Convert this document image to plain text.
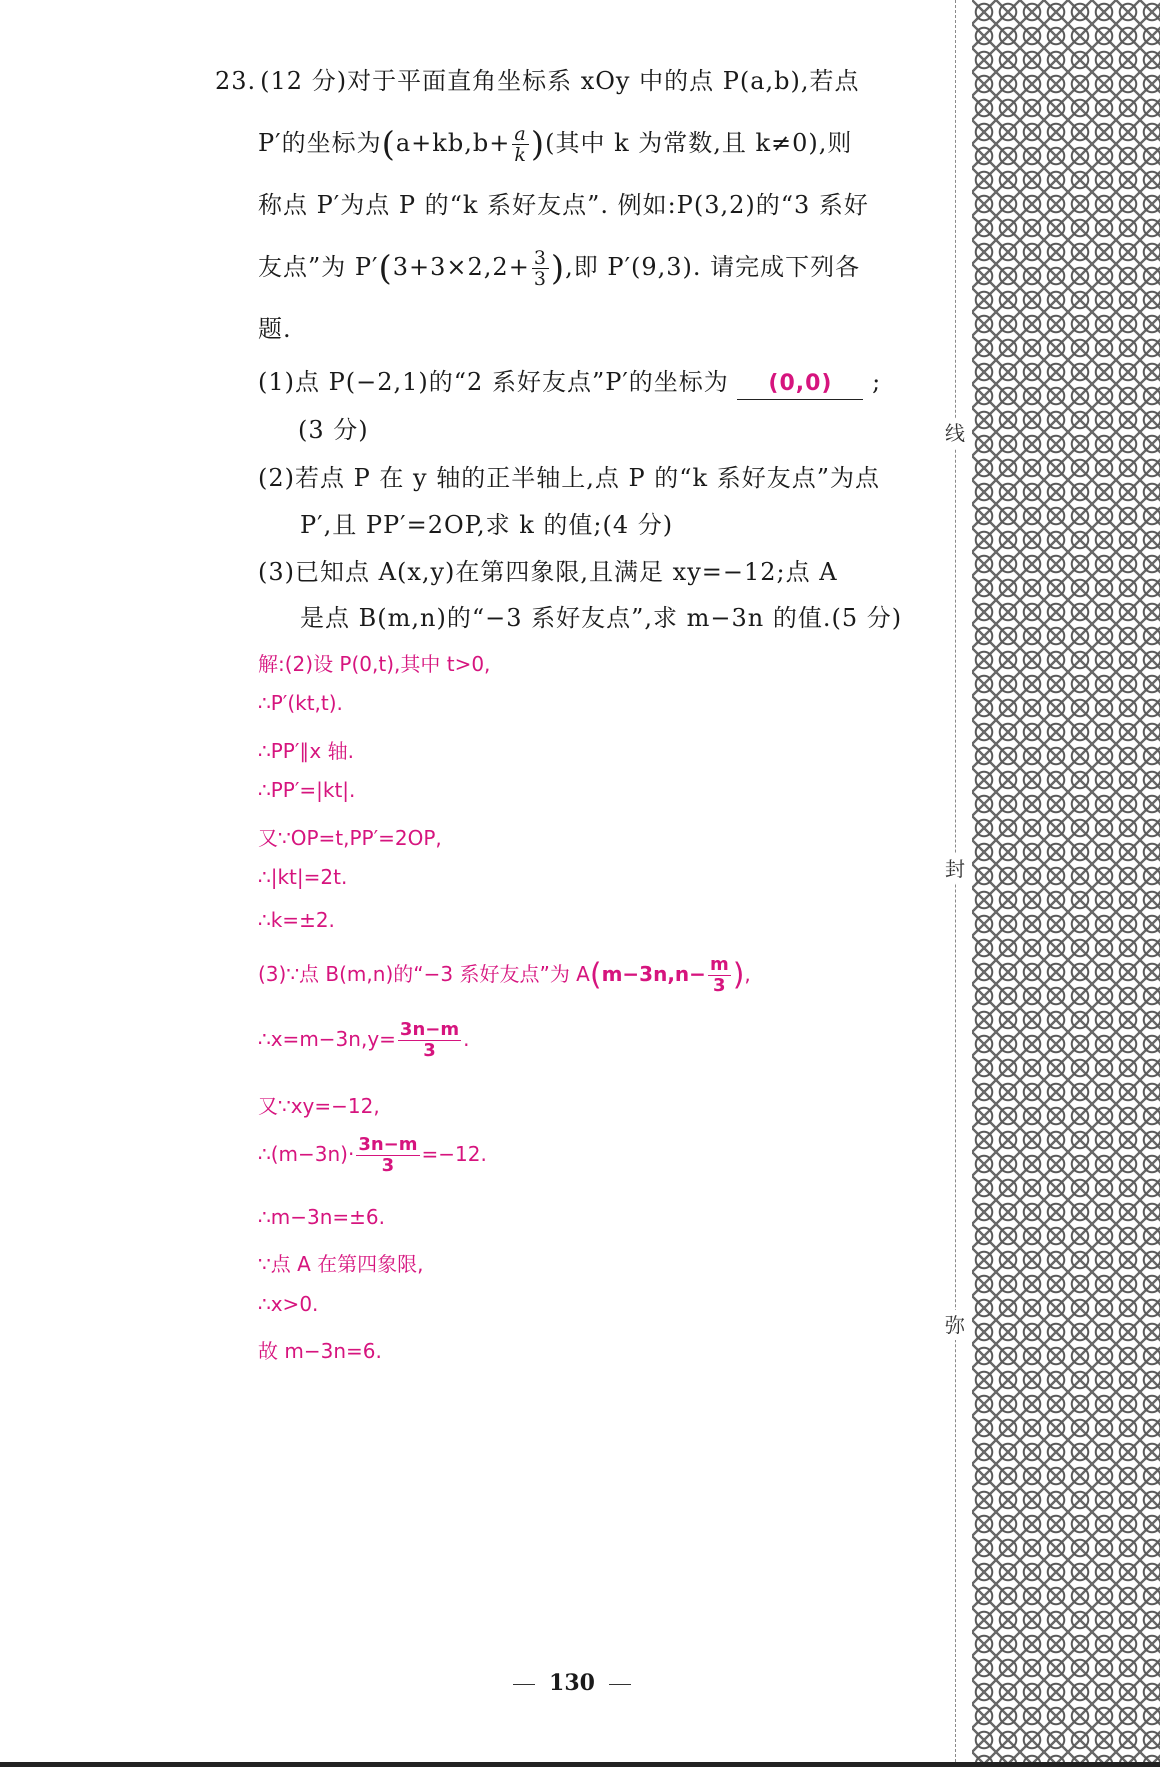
线
封
弥
23. (12 分)对于平面直角坐标系 xOy 中的点 P(a,b),若点
P′的坐标为($a+kb,b+ \frac{a}{k}$ )(其中 k 为常数,且 k≠0),则
称点 P′为点 P 的“k 系好友点”. 例如:P(3,2)的“3 系好
友点”为 $P'(3+3\times 2,2+ \frac{3}{3}$ ),即 P′(9,3). 请完成下列各
题.
(1)点 P(−2,1)的“2 系好友点”P′的坐标为 (0,0) ;
(3 分)
(2)若点 P 在 y 轴的正半轴上,点 P 的“k 系好友点”为点
P′,且 PP′=2OP,求 k 的值;(4 分)
(3)已知点 A(x,y)在第四象限,且满足 xy=−12;点 A
是点 B(m,n)的“−3 系好友点”,求 m−3n 的值.(5 分)
解:(2)设 P(0,t),其中 t>0,
∴P′(kt,t).
∴PP′∥x 轴.
∴PP′=|kt|.
又∵OP=t,PP′=2OP,
∴|kt|=2t.
∴k=±2.
(3)∵点 B(m,n)的“−3 系好友点”为 $A(m-3n,n- \frac{m}{3}$ ),
∴x=m−3n,y= $\frac{3n-m}{3}$ .
又∵xy=−12,
∴(m−3n)· $\frac{3n-m}{3} =-12$.
∴m−3n=±6.
∵点 A 在第四象限,
∴x>0.
故 m−3n=6.
130
